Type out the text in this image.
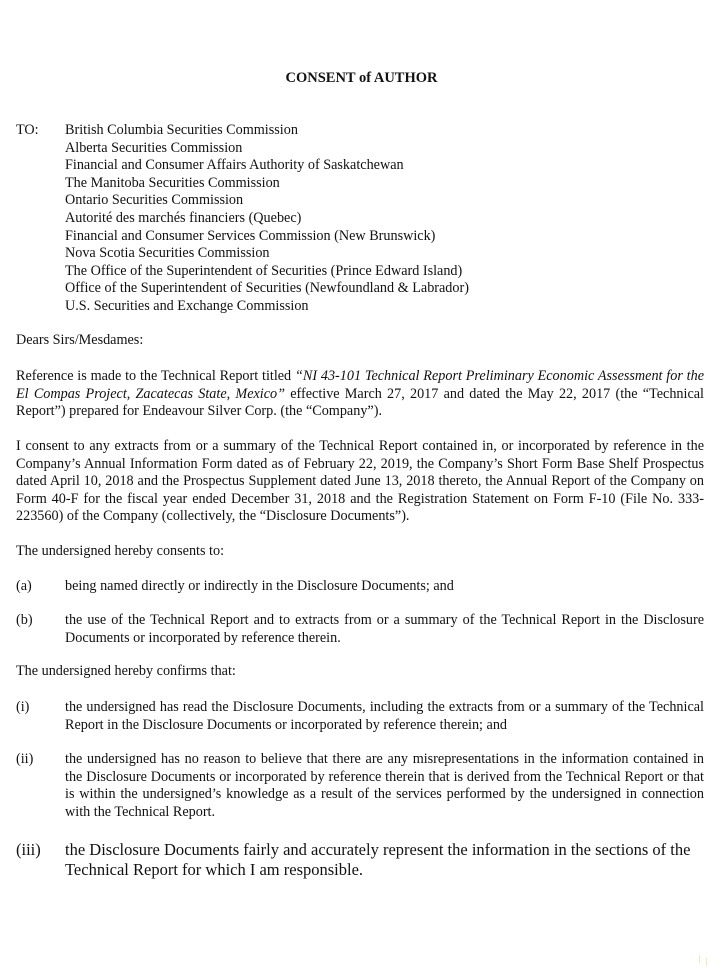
CONSENT of AUTHOR
TO: British Columbia Securities Commission
Alberta Securities Commission
Financial and Consumer Affairs Authority of Saskatchewan
The Manitoba Securities Commission
Ontario Securities Commission
Autorité des marchés financiers (Quebec)
Financial and Consumer Services Commission (New Brunswick)
Nova Scotia Securities Commission
The Office of the Superintendent of Securities (Prince Edward Island)
Office of the Superintendent of Securities (Newfoundland & Labrador)
U.S. Securities and Exchange Commission

Dears Sirs/Mesdames:

Reference is made to the Technical Report titled “NI 43-101 Technical Report Preliminary Economic Assessment for the El Compas Project, Zacatecas State, Mexico” effective March 27, 2017 and dated the May 22, 2017 (the “Technical Report”) prepared for Endeavour Silver Corp. (the “Company”).

I consent to any extracts from or a summary of the Technical Report contained in, or incorporated by reference in the Company’s Annual Information Form dated as of February 22, 2019, the Company’s Short Form Base Shelf Prospectus dated April 10, 2018 and the Prospectus Supplement dated June 13, 2018 thereto, the Annual Report of the Company on Form 40-F for the fiscal year ended December 31, 2018 and the Registration Statement on Form F-10 (File No. 333-223560) of the Company (collectively, the “Disclosure Documents”).

The undersigned hereby consents to:

(a) being named directly or indirectly in the Disclosure Documents; and
(b) the use of the Technical Report and to extracts from or a summary of the Technical Report in the Disclosure Documents or incorporated by reference therein.

The undersigned hereby confirms that:

(i)	the undersigned has read the Disclosure Documents, including the extracts from or a summary of the Technical Report in the Disclosure Documents or incorporated by reference therein; and
(ii) the undersigned has no reason to believe that there are any misrepresentations in the information contained in the Disclosure Documents or incorporated by reference therein that is derived from the Technical Report or that is within the undersigned’s knowledge as a result of the services performed by the undersigned in connection with the Technical Report.
(iii) the Disclosure Documents fairly and accurately represent the information in the sections of the Technical Report for which I am responsible.
